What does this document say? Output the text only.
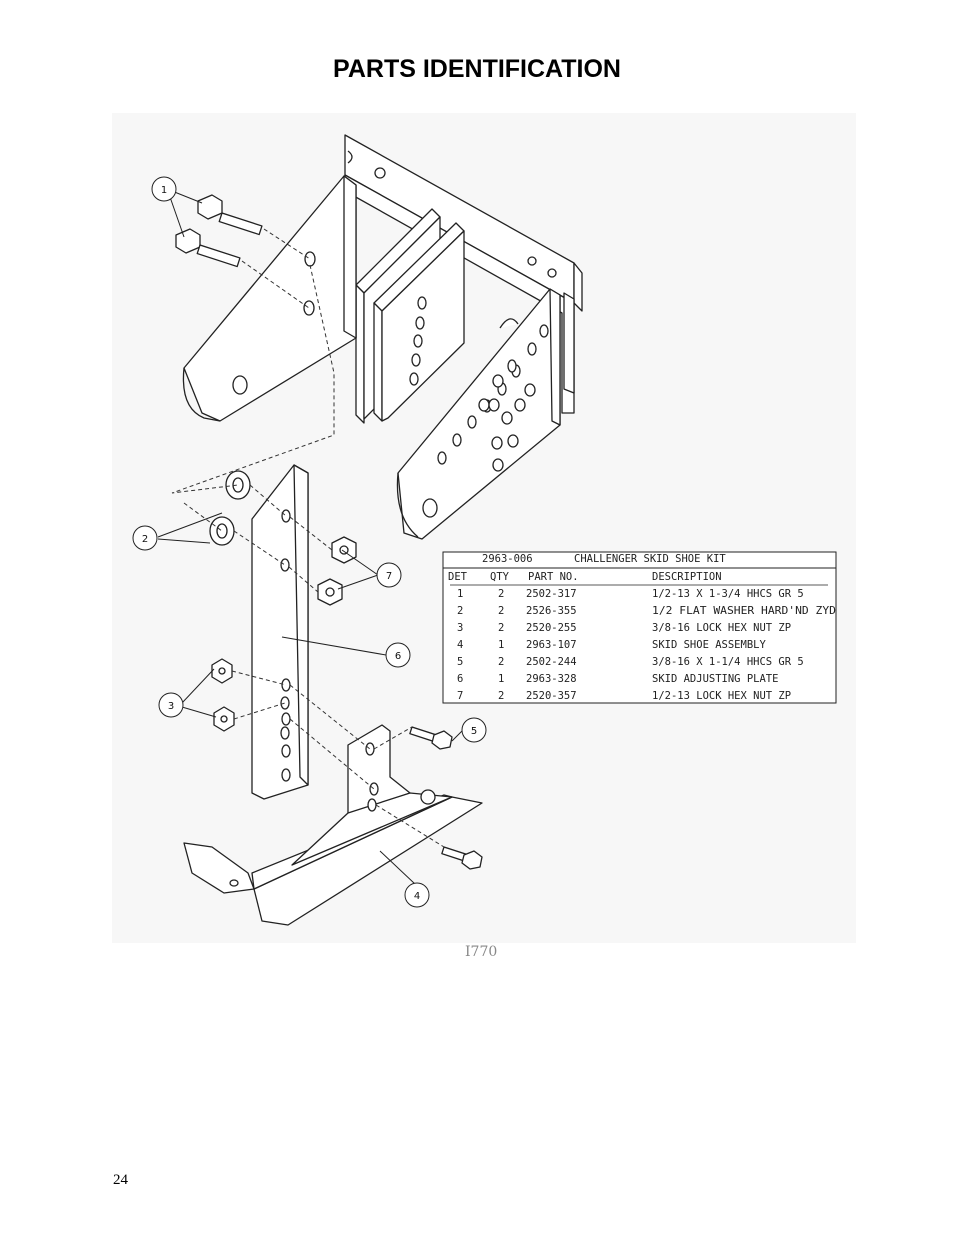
PARTS IDENTIFICATION
1
2
3
4
5
6
7
2963-006	CHALLENGER SKID SHOE KIT
DET QTY PART NO.	DESCRIPTION
1	2 2502-317	1/2-13 X 1-3/4 HHCS GR 5
2	2 2526-355	1/2 FLAT WASHER HARD'ND ZYD
3	2 2520-255	3/8-16 LOCK HEX NUT ZP
4	1 2963-107	SKID SHOE ASSEMBLY
5	2 2502-244	3/8-16 X 1-1/4 HHCS GR 5
6	1 2963-328	SKID ADJUSTING PLATE
7	2 2520-357	1/2-13 LOCK HEX NUT ZP
I770
24
